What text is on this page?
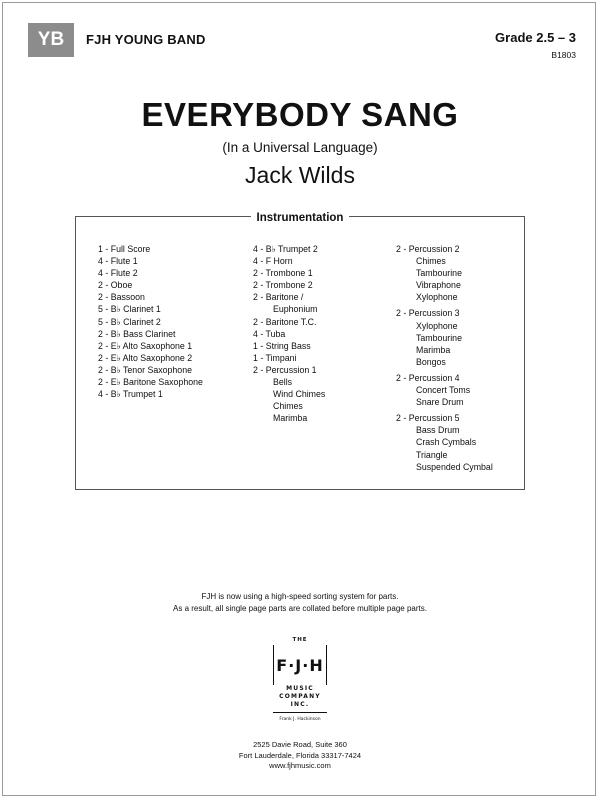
YB	FJH YOUNG BAND	Grade 2.5 – 3
B1803
EVERYBODY SANG
(In a Universal Language)
Jack Wilds
Instrumentation
1 - Full Score
4 - Flute 1
4 - Flute 2
2 - Oboe
2 - Bassoon
5 - B♭ Clarinet 1
5 - B♭ Clarinet 2
2 - B♭ Bass Clarinet
2 - E♭ Alto Saxophone 1
2 - E♭ Alto Saxophone 2
2 - B♭ Tenor Saxophone
2 - E♭ Baritone Saxophone
4 - B♭ Trumpet 1
4 - B♭ Trumpet 2
4 - F Horn
2 - Trombone 1
2 - Trombone 2
2 - Baritone /
Euphonium
2 - Baritone T.C.
4 - Tuba
1 - String Bass
1 - Timpani
2 - Percussion 1
Bells
Wind Chimes
Chimes
Marimba
2 - Percussion 2
Chimes
Tambourine
Vibraphone
Xylophone
2 - Percussion 3
Xylophone
Tambourine
Marimba
Bongos
2 - Percussion 4
Concert Toms
Snare Drum
2 - Percussion 5
Bass Drum
Crash Cymbals
Triangle
Suspended Cymbal
FJH is now using a high-speed sorting system for parts.
As a result, all single page parts are collated before multiple page parts.
THE
F·J·H
MUSIC
COMPANY
INC.
Frank J. Hackinson
2525 Davie Road, Suite 360
Fort Lauderdale, Florida 33317-7424
www.fjhmusic.com
